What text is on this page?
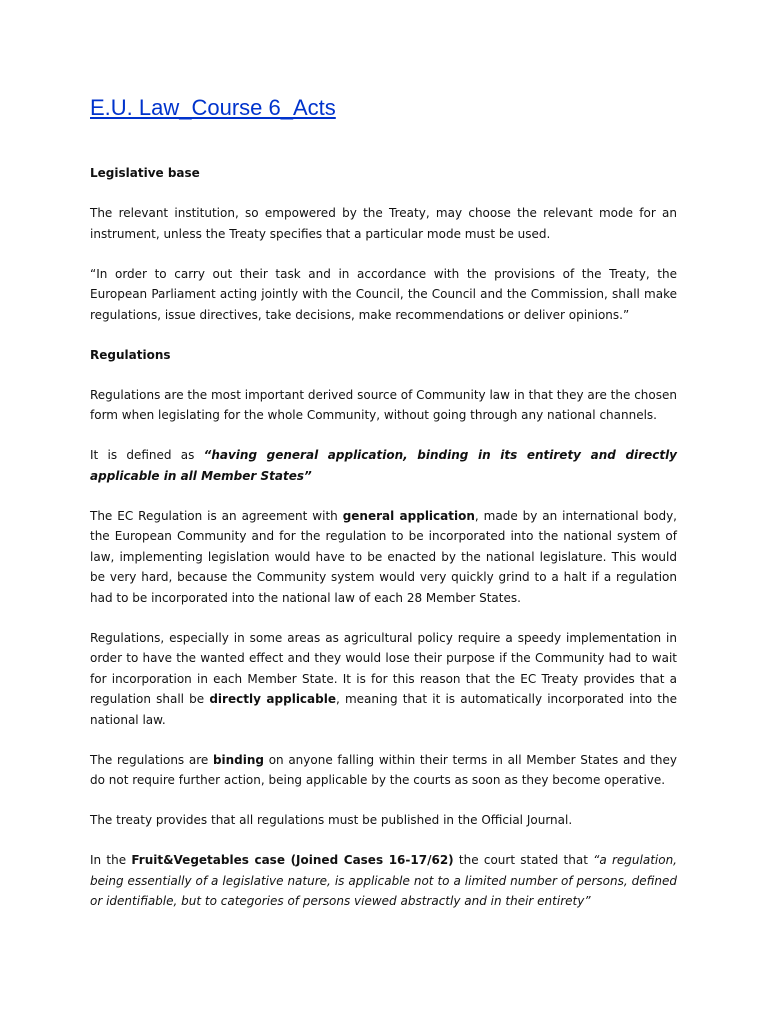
E.U. Law_Course 6_Acts
Legislative base

The relevant institution, so empowered by the Treaty, may choose the relevant mode for an instrument, unless the Treaty specifies that a particular mode must be used.

“In order to carry out their task and in accordance with the provisions of the Treaty, the European Parliament acting jointly with the Council, the Council and the Commission, shall make regulations, issue directives, take decisions, make recommendations or deliver opinions.”

Regulations

Regulations are the most important derived source of Community law in that they are the chosen form when legislating for the whole Community, without going through any national channels.

It is defined as “having general application, binding in its entirety and directly applicable in all Member States”

The EC Regulation is an agreement with general application, made by an international body, the European Community and for the regulation to be incorporated into the national system of law, implementing legislation would have to be enacted by the national legislature. This would be very hard, because the Community system would very quickly grind to a halt if a regulation had to be incorporated into the national law of each 28 Member States.

Regulations, especially in some areas as agricultural policy require a speedy implementation in order to have the wanted effect and they would lose their purpose if the Community had to wait for incorporation in each Member State. It is for this reason that the EC Treaty provides that a regulation shall be directly applicable, meaning that it is automatically incorporated into the national law.

The regulations are binding on anyone falling within their terms in all Member States and they do not require further action, being applicable by the courts as soon as they become operative.

The treaty provides that all regulations must be published in the Official Journal.

In the Fruit&Vegetables case (Joined Cases 16-17/62) the court stated that “a regulation, being essentially of a legislative nature, is applicable not to a limited number of persons, defined or identifiable, but to categories of persons viewed abstractly and in their entirety”
